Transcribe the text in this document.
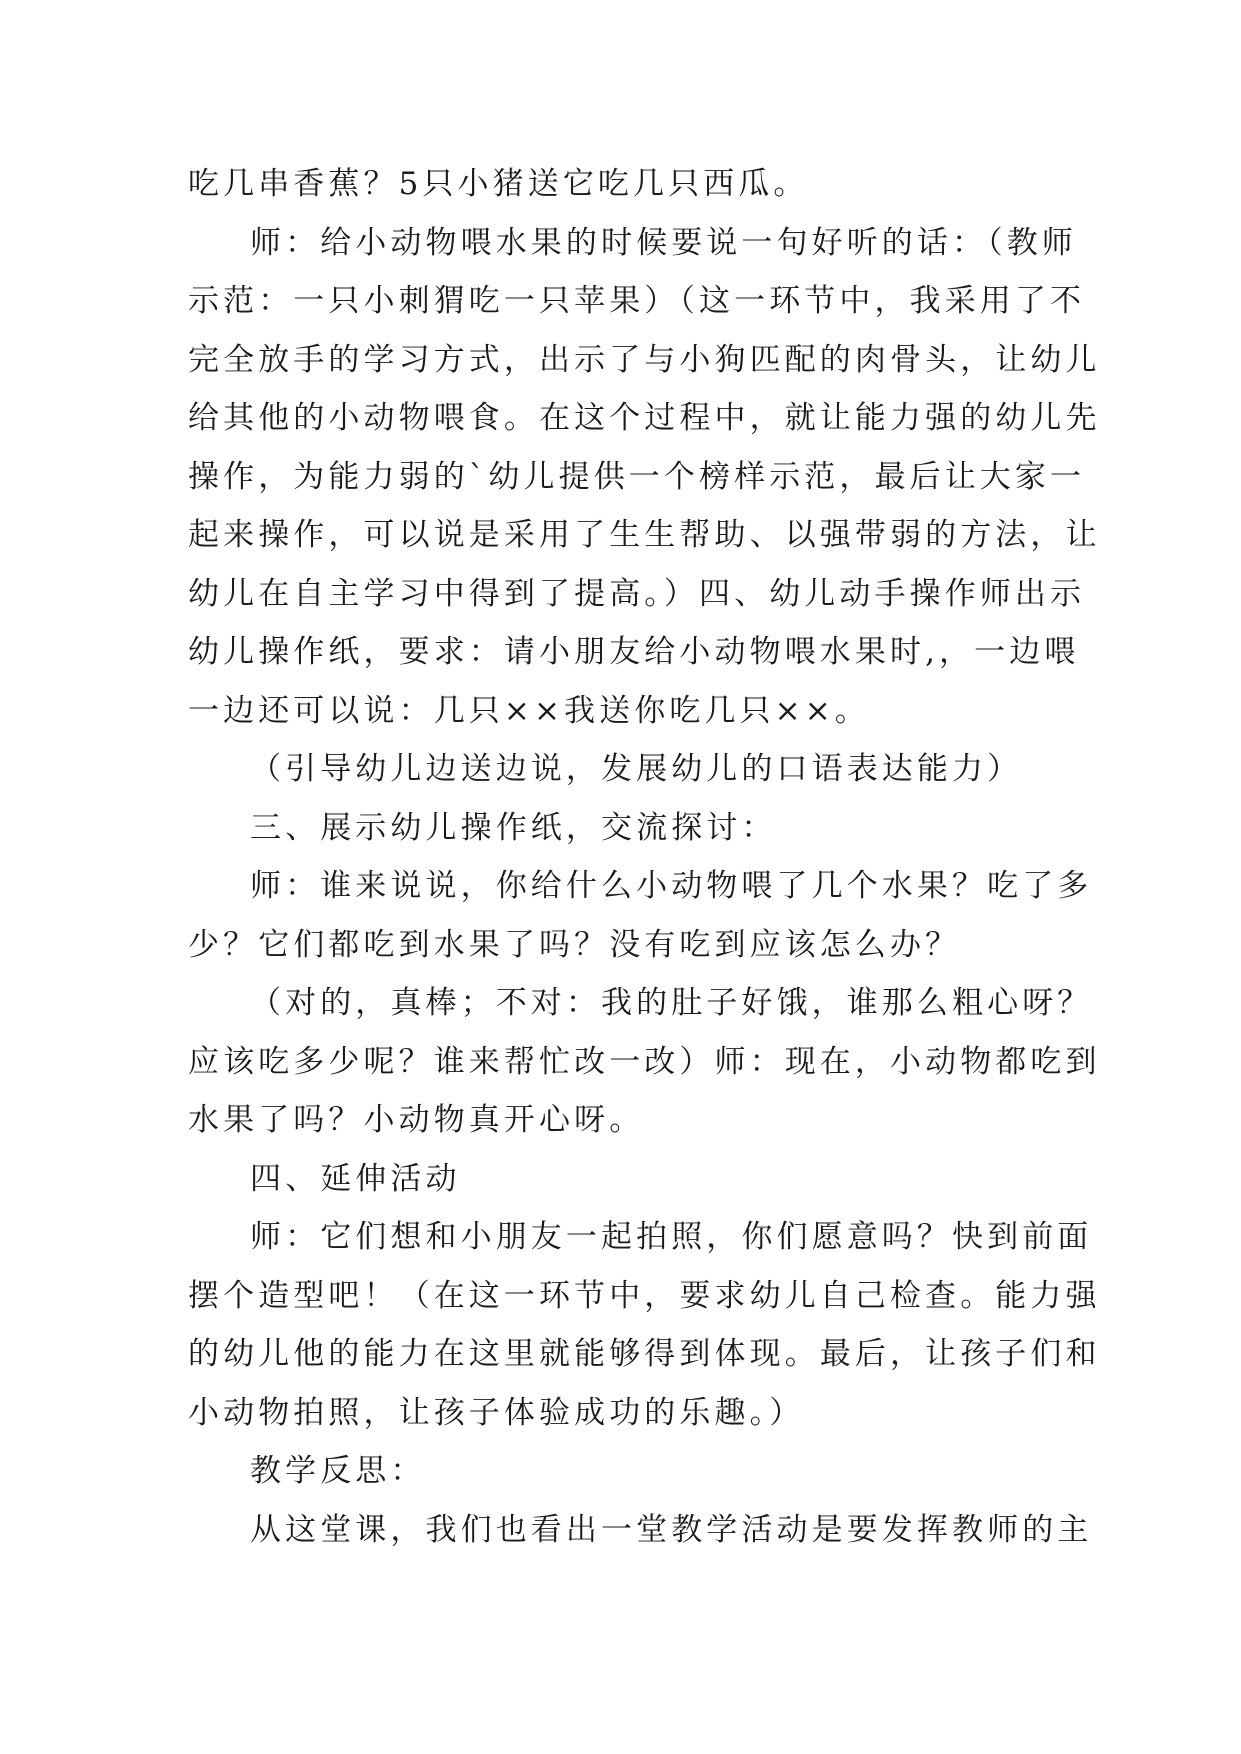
吃几串香蕉？5只小猪送它吃几只西瓜。
师：给小动物喂水果的时候要说一句好听的话：（教师
示范：一只小刺猬吃一只苹果）（这一环节中，我采用了不
完全放手的学习方式，出示了与小狗匹配的肉骨头，让幼儿
给其他的小动物喂食。在这个过程中，就让能力强的幼儿先
操作，为能力弱的`幼儿提供一个榜样示范，最后让大家一
起来操作，可以说是采用了生生帮助、以强带弱的方法，让
幼儿在自主学习中得到了提高。）四、幼儿动手操作师出示
幼儿操作纸，要求：请小朋友给小动物喂水果时,，一边喂
一边还可以说：几只××我送你吃几只××。
（引导幼儿边送边说，发展幼儿的口语表达能力）
三、展示幼儿操作纸，交流探讨：
师：谁来说说，你给什么小动物喂了几个水果？吃了多
少？它们都吃到水果了吗？没有吃到应该怎么办？
（对的，真棒；不对：我的肚子好饿，谁那么粗心呀？
应该吃多少呢？谁来帮忙改一改）师：现在，小动物都吃到
水果了吗？小动物真开心呀。
四、延伸活动
师：它们想和小朋友一起拍照，你们愿意吗？快到前面
摆个造型吧！（在这一环节中，要求幼儿自己检查。能力强
的幼儿他的能力在这里就能够得到体现。最后，让孩子们和
小动物拍照，让孩子体验成功的乐趣。）
教学反思：
从这堂课，我们也看出一堂教学活动是要发挥教师的主
